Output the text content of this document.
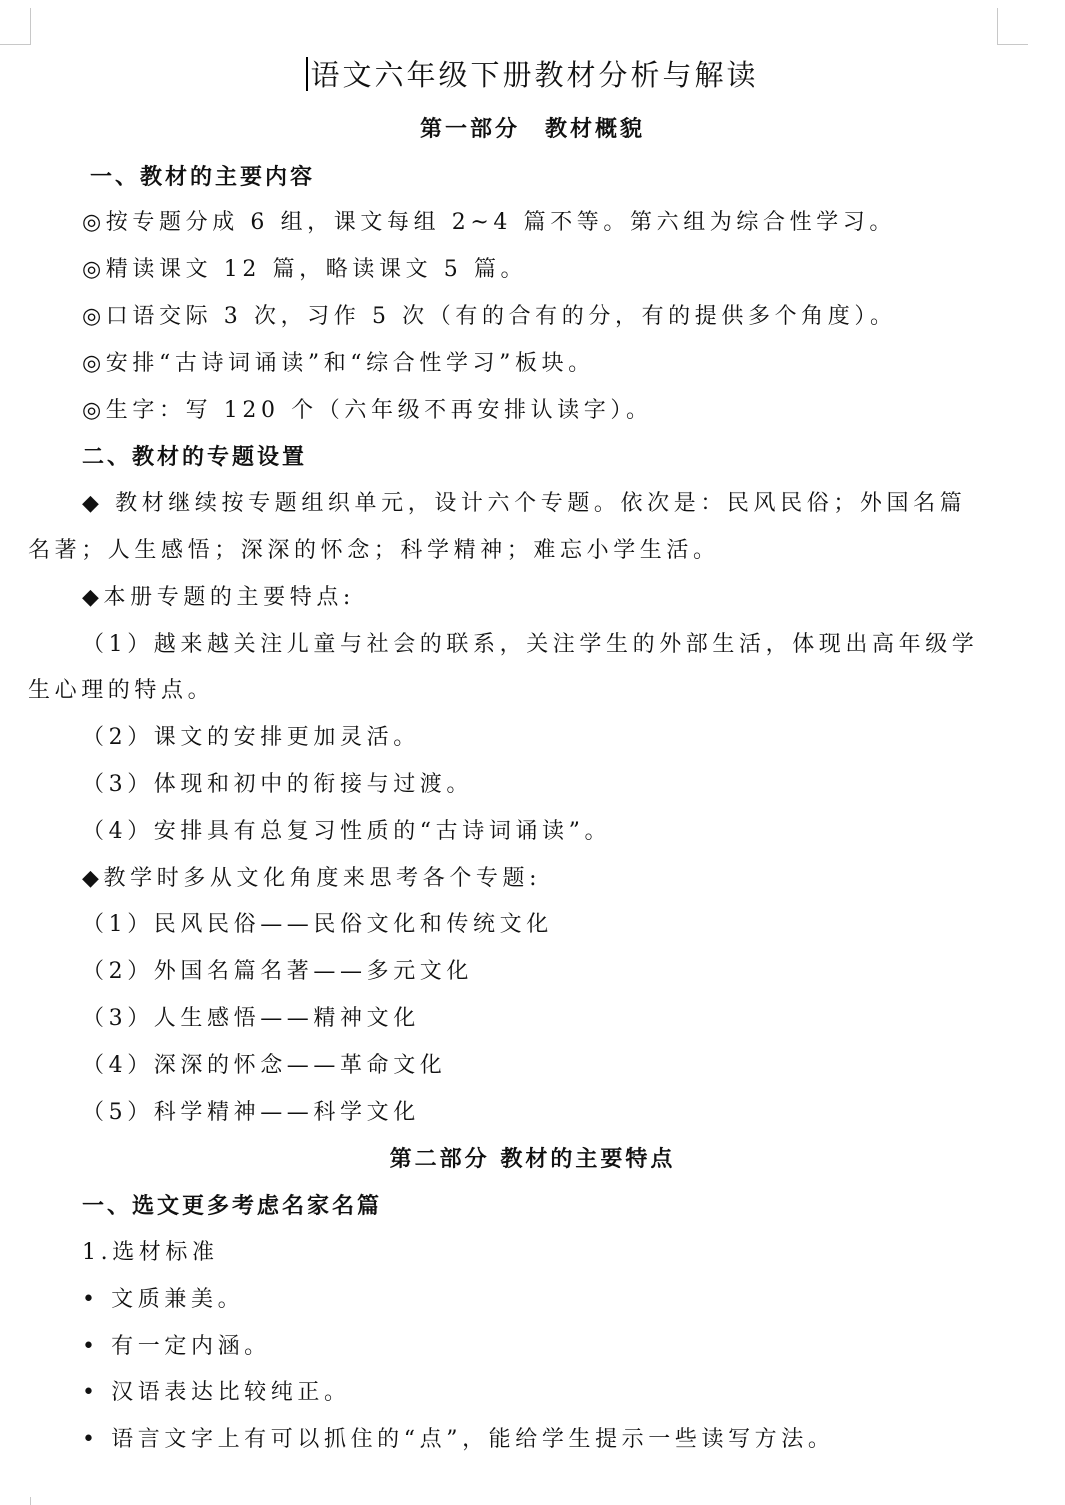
语文六年级下册教材分析与解读
第一部分　教材概貌
一、教材的主要内容
◎按专题分成 6 组，课文每组 2~4 篇不等。第六组为综合性学习。
◎精读课文 12 篇，略读课文 5 篇。
◎口语交际 3 次，习作 5 次（有的合有的分，有的提供多个角度）。
◎安排“古诗词诵读”和“综合性学习”板块。
◎生字：写 120 个（六年级不再安排认读字）。
二、教材的专题设置
◆ 教材继续按专题组织单元，设计六个专题。依次是：民风民俗；外国名篇
名著；人生感悟；深深的怀念；科学精神；难忘小学生活。
◆本册专题的主要特点:
（1）越来越关注儿童与社会的联系，关注学生的外部生活，体现出高年级学
生心理的特点。
（2）课文的安排更加灵活。
（3）体现和初中的衔接与过渡。
（4）安排具有总复习性质的“古诗词诵读”。
◆教学时多从文化角度来思考各个专题:
（1）民风民俗——民俗文化和传统文化
（2）外国名篇名著——多元文化
（3）人生感悟——精神文化
（4）深深的怀念——革命文化
（5）科学精神——科学文化
第二部分 教材的主要特点
一、选文更多考虑名家名篇
1.选材标准
• 文质兼美。
• 有一定内涵。
• 汉语表达比较纯正。
• 语言文字上有可以抓住的“点”，能给学生提示一些读写方法。
